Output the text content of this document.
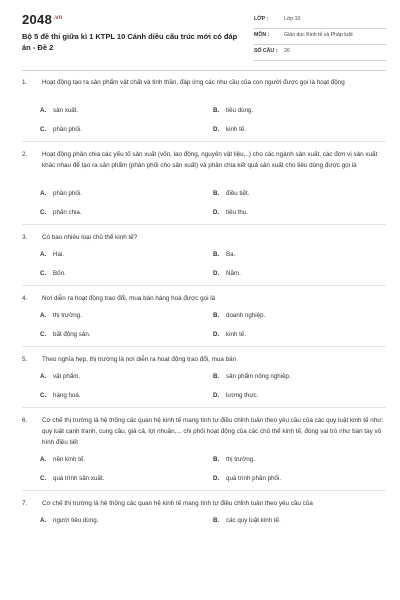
$2048^{.vn}$
Bộ 5 đề thi giữa kì 1 KTPL 10 Cánh diều cấu trúc mới có đáp án - Đề 2
LỚP :	Lớp 10
MÔN :	Giáo dục Kinh tế và Pháp luật
SỐ CÂU :	26
1. Hoạt động tạo ra sản phẩm vật chất và tinh thần, đáp ứng các nhu cầu của con người được gọi là hoạt động
A. sản xuất.	B. tiêu dùng.
C. phân phối.	D. kinh tế.
2. Hoạt động phân chia các yếu tố sản xuất (vốn, lao động, nguyên vật liệu,..) cho các ngành sản xuất, các đơn vị sản xuất khác nhau để tạo ra sản phẩm (phân phối cho sản xuất) và phân chia kết quả sản xuất cho tiêu dùng được gọi là
A. phân phối.	B. điều tiết.
C. phân chia.	D. tiêu thụ.
3. Có bao nhiêu loại chủ thể kinh tế?
A. Hai.	B. Ba.
C. Bốn.	D. Năm.
4. Nơi diễn ra hoạt động trao đổi, mua bán hàng hoá được gọi là
A. thị trường.	B. doanh nghiệp.
C. bất động sản.	D. kinh tế.
5. Theo nghĩa hẹp, thị trường là nơi diễn ra hoạt động trao đổi, mua bán
A. vật phẩm.	B. sản phẩm nông nghiệp.
C. hàng hoá.	D. lương thực.
6. Cơ chế thị trường là hệ thống các quan hệ kinh tế mang tính tự điều chỉnh tuân theo yêu cầu của các quy luật kinh tế như: quy luật cạnh tranh, cung cầu, giá cả, lợi nhuận,... chi phối hoạt động của các chủ thể kinh tế, đóng vai trò như bàn tay vô hình điều tiết
A. nền kinh tế.	B. thị trường.
C. quá trình sản xuất.	D. quá trình phân phối.
7. Cơ chế thị trường là hệ thống các quan hệ kinh tế mang tính tự điều chỉnh tuân theo yêu cầu của
A. người tiêu dùng.	B. các quy luật kinh tế.
